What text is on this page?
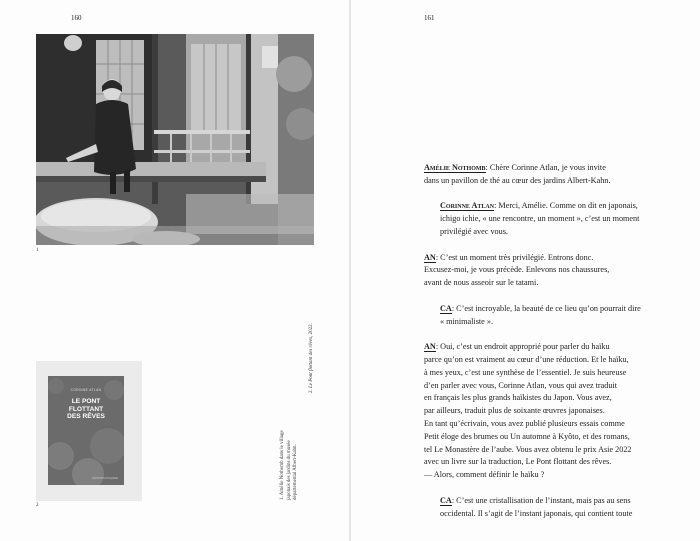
160
1
CORINNE ATLAN
LE PONT
FLOTTANT
DES RÊVES
ÉDITIONS PICQUIER
2
1. Amélie Nothomb dans le village japonais des jardins du musée départemental Albert-Kahn.
2. Le Pont flottant des rêves, 2022.
161
Amélie Nothomb: Chère Corinne Atlan, je vous invite
dans un pavillon de thé au cœur des jardins Albert-Kahn.
Corinne Atlan: Merci, Amélie. Comme on dit en japonais,
ichigo ichie, « une rencontre, un moment », c’est un moment
privilégié avec vous.
AN: C’est un moment très privilégié. Entrons donc.
Excusez-moi, je vous précède. Enlevons nos chaussures,
avant de nous asseoir sur le tatami.
CA: C’est incroyable, la beauté de ce lieu qu’on pourrait dire
« minimaliste ».
AN: Oui, c’est un endroit approprié pour parler du haïku
parce qu’on est vraiment au cœur d’une réduction. Et le haïku,
à mes yeux, c’est une synthèse de l’essentiel. Je suis heureuse
d’en parler avec vous, Corinne Atlan, vous qui avez traduit
en français les plus grands haïkistes du Japon. Vous avez,
par ailleurs, traduit plus de soixante œuvres japonaises.
En tant qu’écrivain, vous avez publié plusieurs essais comme
Petit éloge des brumes ou Un automne à Kyôto, et des romans,
tel Le Monastère de l’aube. Vous avez obtenu le prix Asie 2022
avec un livre sur la traduction, Le Pont flottant des rêves.
— Alors, comment définir le haïku ?
CA: C’est une cristallisation de l’instant, mais pas au sens
occidental. Il s’agit de l’instant japonais, qui contient toute
